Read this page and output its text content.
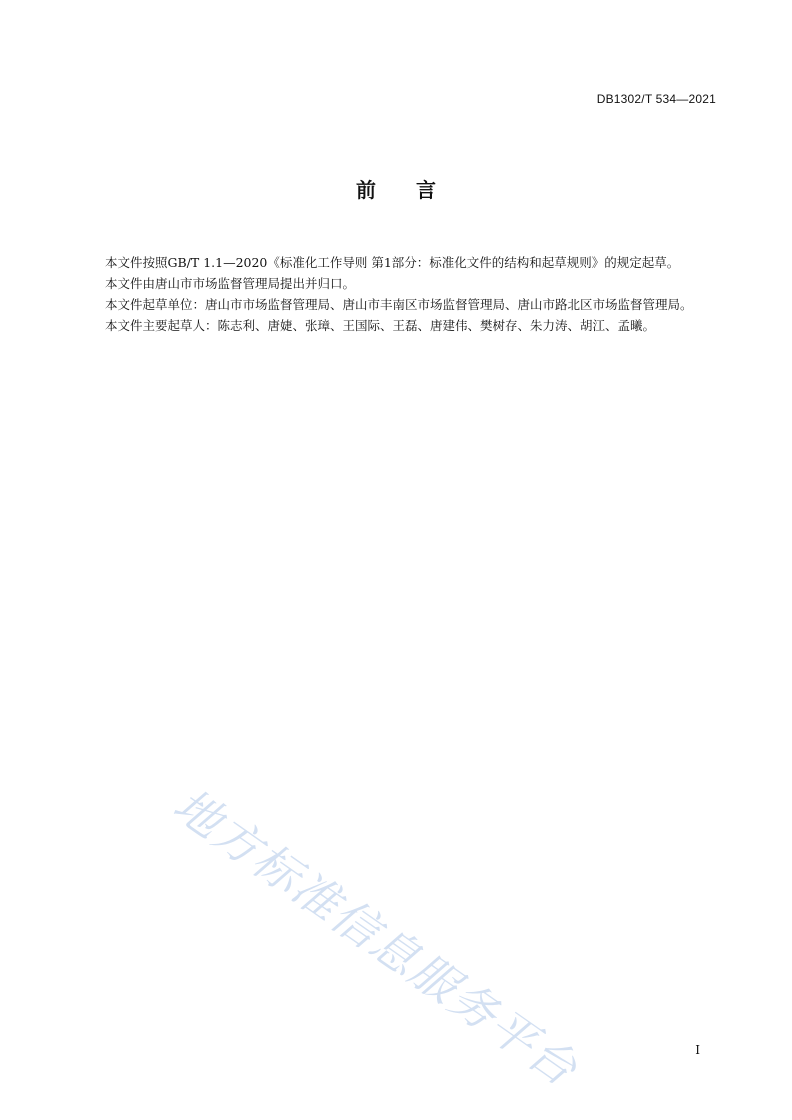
DB1302/T 534—2021
前 言

本文件按照GB/T 1.1—2020《标准化工作导则 第1部分：标准化文件的结构和起草规则》的规定起草。

本文件由唐山市市场监督管理局提出并归口。

本文件起草单位：唐山市市场监督管理局、唐山市丰南区市场监督管理局、唐山市路北区市场监督管理局。

本文件主要起草人：陈志利、唐婕、张璋、王国际、王磊、唐建伟、樊树存、朱力涛、胡江、孟曦。

地方标准信息服务平台	I
